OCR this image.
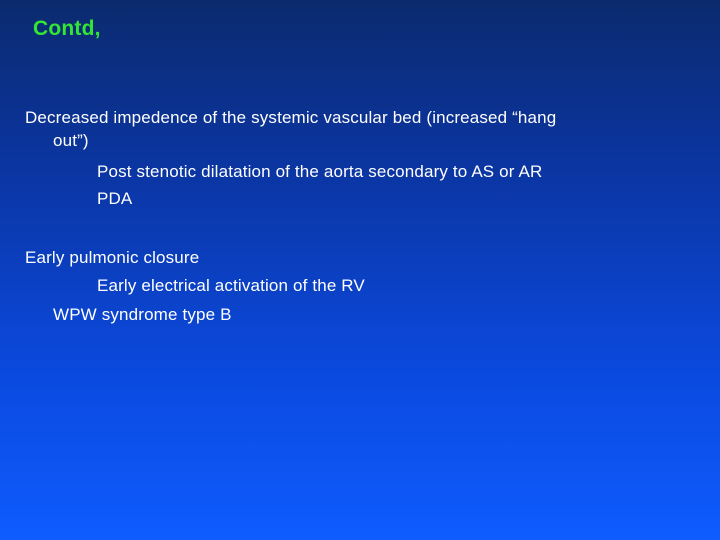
Contd,
Decreased impedence of the systemic vascular bed (increased “hang
out”)
Post stenotic dilatation of the aorta secondary to AS or AR
PDA
Early pulmonic closure
Early electrical activation of the RV
WPW syndrome type B
